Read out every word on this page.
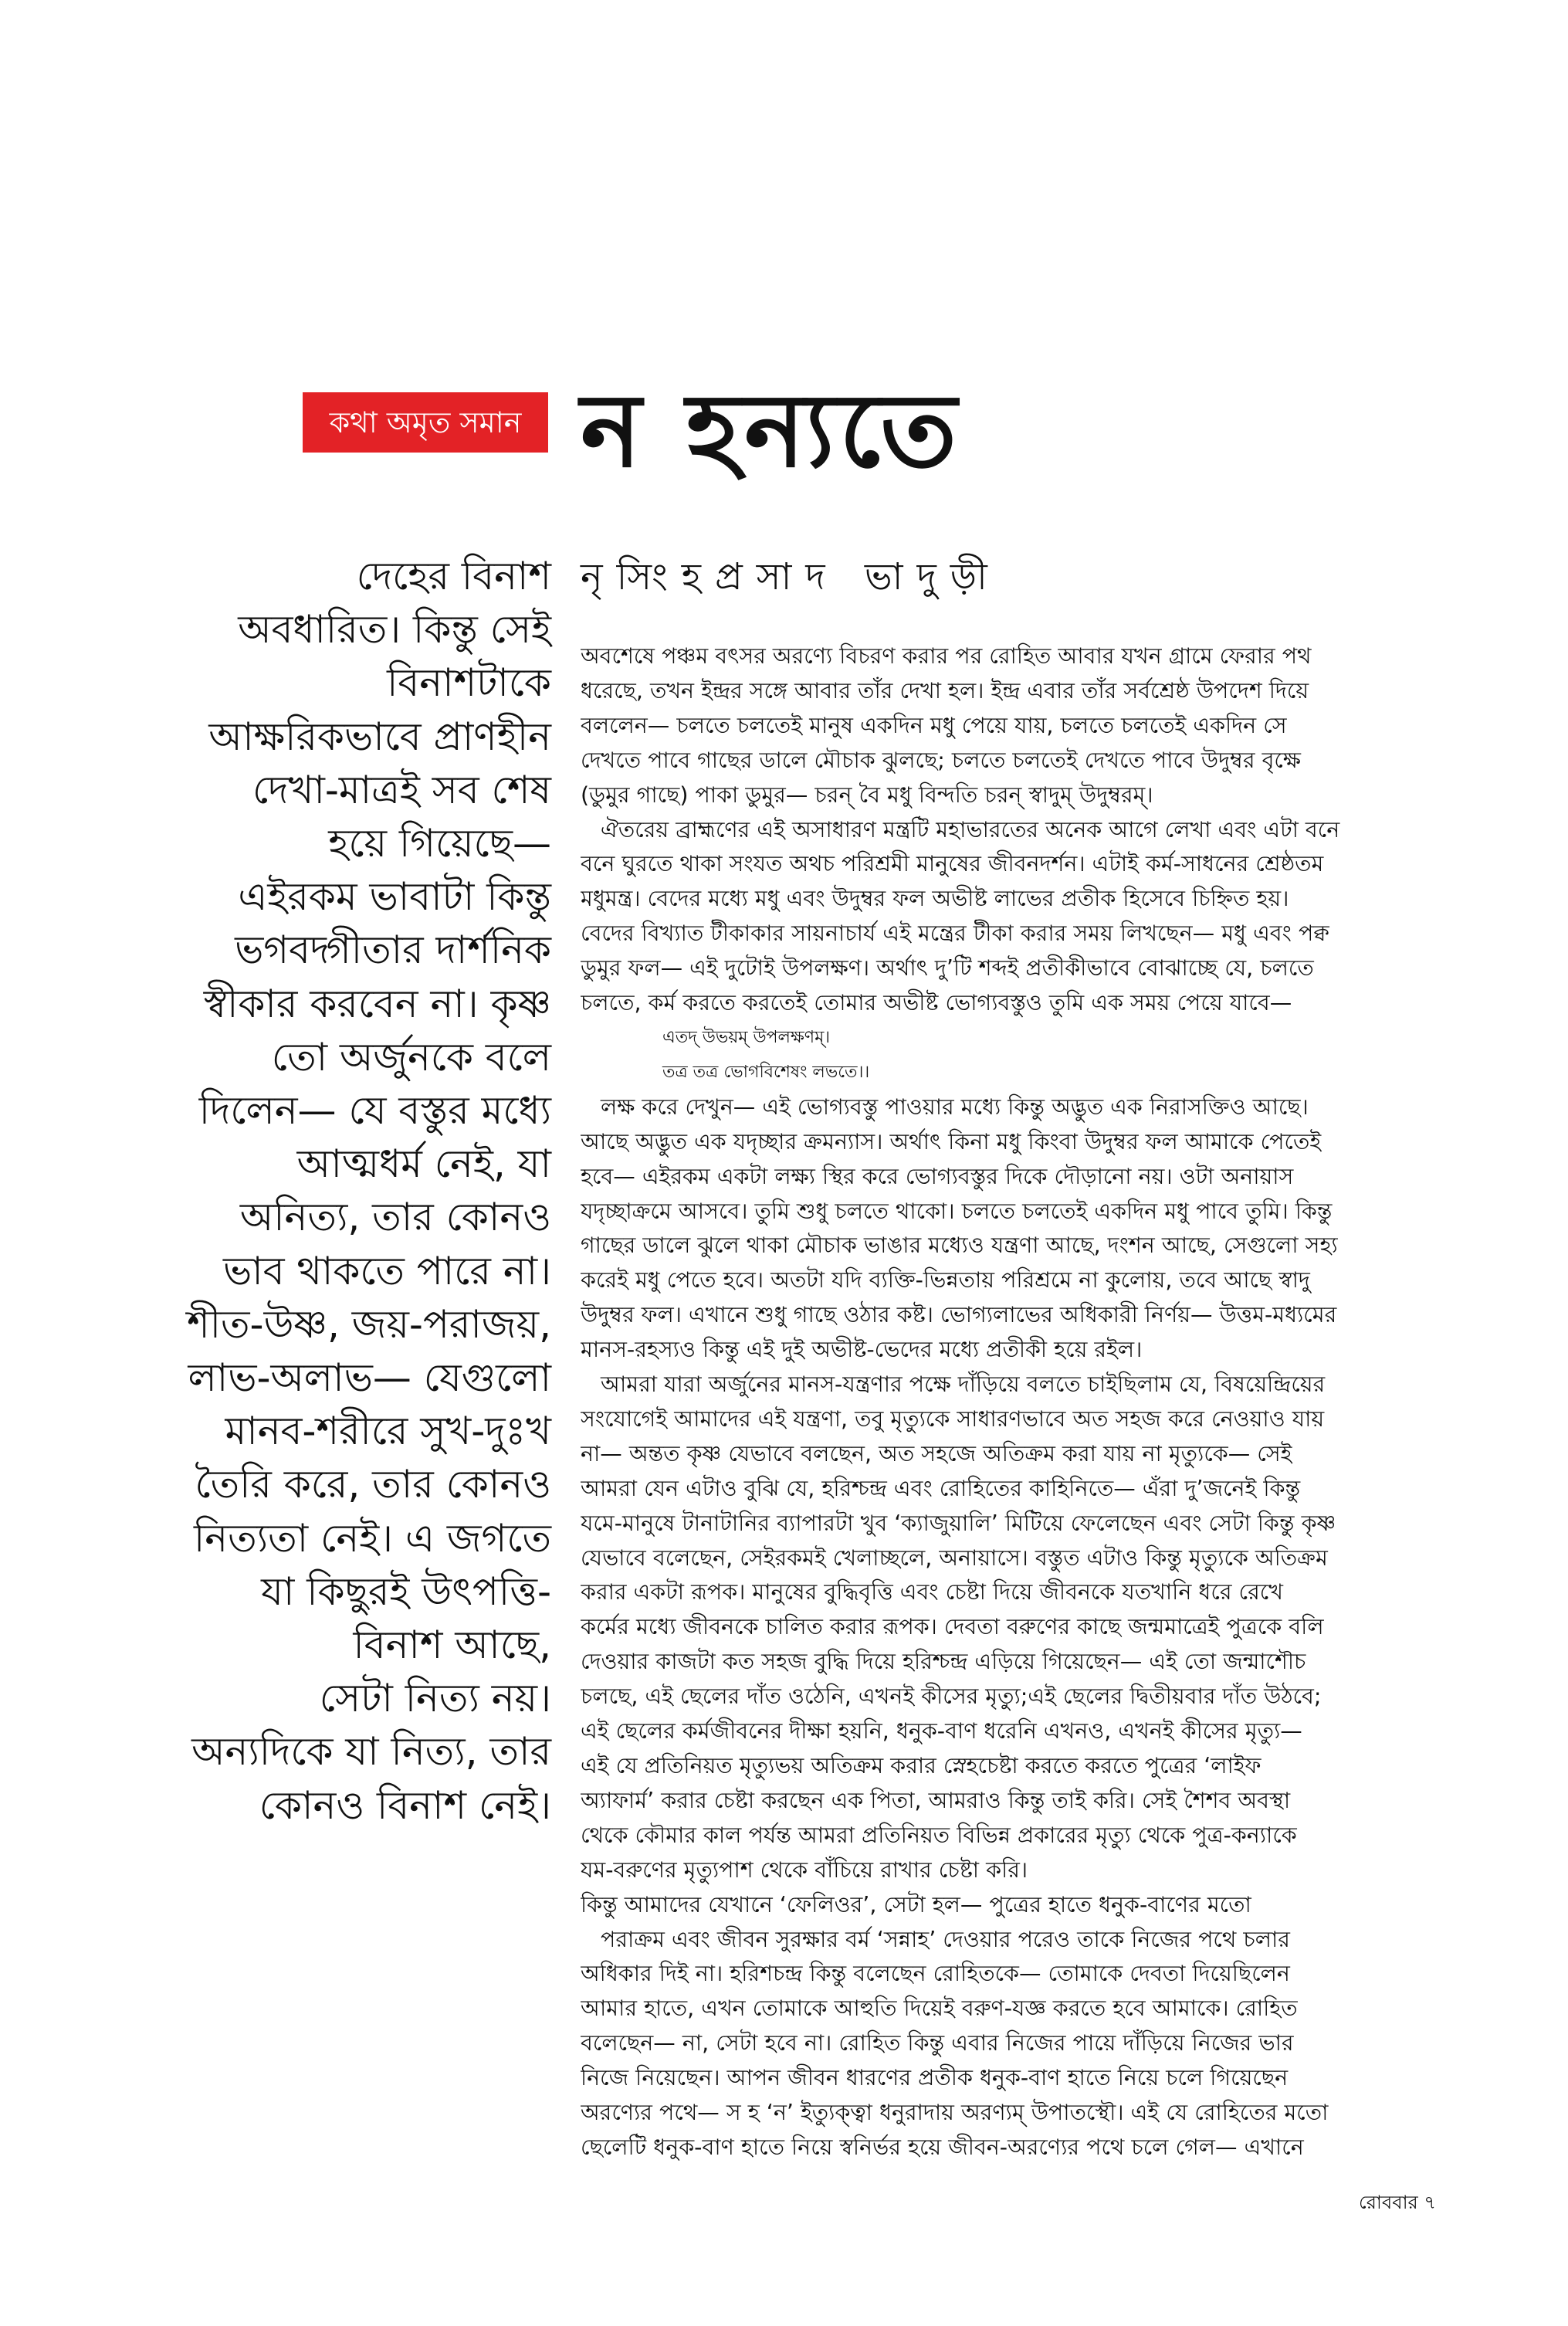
কথা অমৃত সমান ন হন্যতে
দেহের বিনাশ
অবধারিত। কিন্তু সেই
বিনাশটাকে
আক্ষরিকভাবে প্রাণহীন
দেখা-মাত্রই সব শেষ
হয়ে গিয়েছে—
এইরকম ভাবাটা কিন্তু
ভগবদ্গীতার দার্শনিক
স্বীকার করবেন না। কৃষ্ণ
তো অর্জুনকে বলে
দিলেন— যে বস্তুর মধ্যে
আত্মধর্ম নেই, যা
অনিত্য, তার কোনও
ভাব থাকতে পারে না।
শীত-উষ্ণ, জয়-পরাজয়,
লাভ-অলাভ— যেগুলো
মানব-শরীরে সুখ-দুঃখ
তৈরি করে, তার কোনও
নিত্যতা নেই। এ জগতে
যা কিছুরই উৎপত্তি-
বিনাশ আছে,
সেটা নিত্য নয়।
অন্যদিকে যা নিত্য, তার
কোনও বিনাশ নেই।
নৃসিংহপ্রসাদ ভাদুড়ী
অবশেষে পঞ্চম বৎসর অরণ্যে বিচরণ করার পর রোহিত আবার যখন গ্রামে ফেরার পথ
ধরেছে, তখন ইন্দ্রর সঙ্গে আবার তাঁর দেখা হল। ইন্দ্র এবার তাঁর সর্বশ্রেষ্ঠ উপদেশ দিয়ে
বললেন— চলতে চলতেই মানুষ একদিন মধু পেয়ে যায়, চলতে চলতেই একদিন সে
দেখতে পাবে গাছের ডালে মৌচাক ঝুলছে; চলতে চলতেই দেখতে পাবে উদুম্বর বৃক্ষে
(ডুমুর গাছে) পাকা ডুমুর— চরন্‌ বৈ মধু বিন্দতি চরন্‌ স্বাদুম্‌ উদুম্বরম্‌।
ঐতরেয় ব্রাহ্মণের এই অসাধারণ মন্ত্রটি মহাভারতের অনেক আগে লেখা এবং এটা বনে
বনে ঘুরতে থাকা সংযত অথচ পরিশ্রমী মানুষের জীবনদর্শন। এটাই কর্ম-সাধনের শ্রেষ্ঠতম
মধুমন্ত্র। বেদের মধ্যে মধু এবং উদুম্বর ফল অভীষ্ট লাভের প্রতীক হিসেবে চিহ্নিত হয়।
বেদের বিখ্যাত টীকাকার সায়নাচার্য এই মন্ত্রের টীকা করার সময় লিখছেন— মধু এবং পক্ব
ডুমুর ফল— এই দুটোই উপলক্ষণ। অর্থাৎ দু’টি শব্দই প্রতীকীভাবে বোঝাচ্ছে যে, চলতে
চলতে, কর্ম করতে করতেই তোমার অভীষ্ট ভোগ্যবস্তুও তুমি এক সময় পেয়ে যাবে—
এতদ্‌ উভয়ম্‌ উপলক্ষণম্‌।
তত্র তত্র ভোগবিশেষং লভতে।।
লক্ষ করে দেখুন— এই ভোগ্যবস্তু পাওয়ার মধ্যে কিন্তু অদ্ভুত এক নিরাসক্তিও আছে।
আছে অদ্ভুত এক যদৃচ্ছার ক্রমন্যাস। অর্থাৎ কিনা মধু কিংবা উদুম্বর ফল আমাকে পেতেই
হবে— এইরকম একটা লক্ষ্য স্থির করে ভোগ্যবস্তুর দিকে দৌড়ানো নয়। ওটা অনায়াস
যদৃচ্ছাক্রমে আসবে। তুমি শুধু চলতে থাকো। চলতে চলতেই একদিন মধু পাবে তুমি। কিন্তু
গাছের ডালে ঝুলে থাকা মৌচাক ভাঙার মধ্যেও যন্ত্রণা আছে, দংশন আছে, সেগুলো সহ্য
করেই মধু পেতে হবে। অতটা যদি ব্যক্তি-ভিন্নতায় পরিশ্রমে না কুলোয়, তবে আছে স্বাদু
উদুম্বর ফল। এখানে শুধু গাছে ওঠার কষ্ট। ভোগ্যলাভের অধিকারী নির্ণয়— উত্তম-মধ্যমের
মানস-রহস্যও কিন্তু এই দুই অভীষ্ট-ভেদের মধ্যে প্রতীকী হয়ে রইল।
আমরা যারা অর্জুনের মানস-যন্ত্রণার পক্ষে দাঁড়িয়ে বলতে চাইছিলাম যে, বিষয়েন্দ্রিয়ের
সংযোগেই আমাদের এই যন্ত্রণা, তবু মৃত্যুকে সাধারণভাবে অত সহজ করে নেওয়াও যায়
না— অন্তত কৃষ্ণ যেভাবে বলছেন, অত সহজে অতিক্রম করা যায় না মৃত্যুকে— সেই
আমরা যেন এটাও বুঝি যে, হরিশ্চন্দ্র এবং রোহিতের কাহিনিতে— এঁরা দু’জনেই কিন্তু
যমে-মানুষে টানাটানির ব্যাপারটা খুব ‘ক্যাজুয়ালি’ মিটিয়ে ফেলেছেন এবং সেটা কিন্তু কৃষ্ণ
যেভাবে বলেছেন, সেইরকমই খেলাচ্ছলে, অনায়াসে। বস্তুত এটাও কিন্তু মৃত্যুকে অতিক্রম
করার একটা রূপক। মানুষের বুদ্ধিবৃত্তি এবং চেষ্টা দিয়ে জীবনকে যতখানি ধরে রেখে
কর্মের মধ্যে জীবনকে চালিত করার রূপক। দেবতা বরুণের কাছে জন্মমাত্রেই পুত্রকে বলি
দেওয়ার কাজটা কত সহজ বুদ্ধি দিয়ে হরিশ্চন্দ্র এড়িয়ে গিয়েছেন— এই তো জন্মাশৌচ
চলছে, এই ছেলের দাঁত ওঠেনি, এখনই কীসের মৃত্যু;এই ছেলের দ্বিতীয়বার দাঁত উঠবে;
এই ছেলের কর্মজীবনের দীক্ষা হয়নি, ধনুক-বাণ ধরেনি এখনও, এখনই কীসের মৃত্যু—
এই যে প্রতিনিয়ত মৃত্যুভয় অতিক্রম করার স্নেহচেষ্টা করতে করতে পুত্রের ‘লাইফ
অ্যাফার্ম’ করার চেষ্টা করছেন এক পিতা, আমরাও কিন্তু তাই করি। সেই শৈশব অবস্থা
থেকে কৌমার কাল পর্যন্ত আমরা প্রতিনিয়ত বিভিন্ন প্রকারের মৃত্যু থেকে পুত্র-কন্যাকে
যম-বরুণের মৃত্যুপাশ থেকে বাঁচিয়ে রাখার চেষ্টা করি।
কিন্তু আমাদের যেখানে ‘ফেলিওর’, সেটা হল— পুত্রের হাতে ধনুক-বাণের মতো
পরাক্রম এবং জীবন সুরক্ষার বর্ম ‘সন্নাহ’ দেওয়ার পরেও তাকে নিজের পথে চলার
অধিকার দিই না। হরিশচন্দ্র কিন্তু বলেছেন রোহিতকে— তোমাকে দেবতা দিয়েছিলেন
আমার হাতে, এখন তোমাকে আহুতি দিয়েই বরুণ-যজ্ঞ করতে হবে আমাকে। রোহিত
বলেছেন— না, সেটা হবে না। রোহিত কিন্তু এবার নিজের পায়ে দাঁড়িয়ে নিজের ভার
নিজে নিয়েছেন। আপন জীবন ধারণের প্রতীক ধনুক-বাণ হাতে নিয়ে চলে গিয়েছেন
অরণ্যের পথে— স হ ‘ন’ ইত্যুক্ত্বা ধনুরাদায় অরণ্যম্‌ উপাতস্থৌ। এই যে রোহিতের মতো
ছেলেটি ধনুক-বাণ হাতে নিয়ে স্বনির্ভর হয়ে জীবন-অরণ্যের পথে চলে গেল— এখানে
রোববার ৭
